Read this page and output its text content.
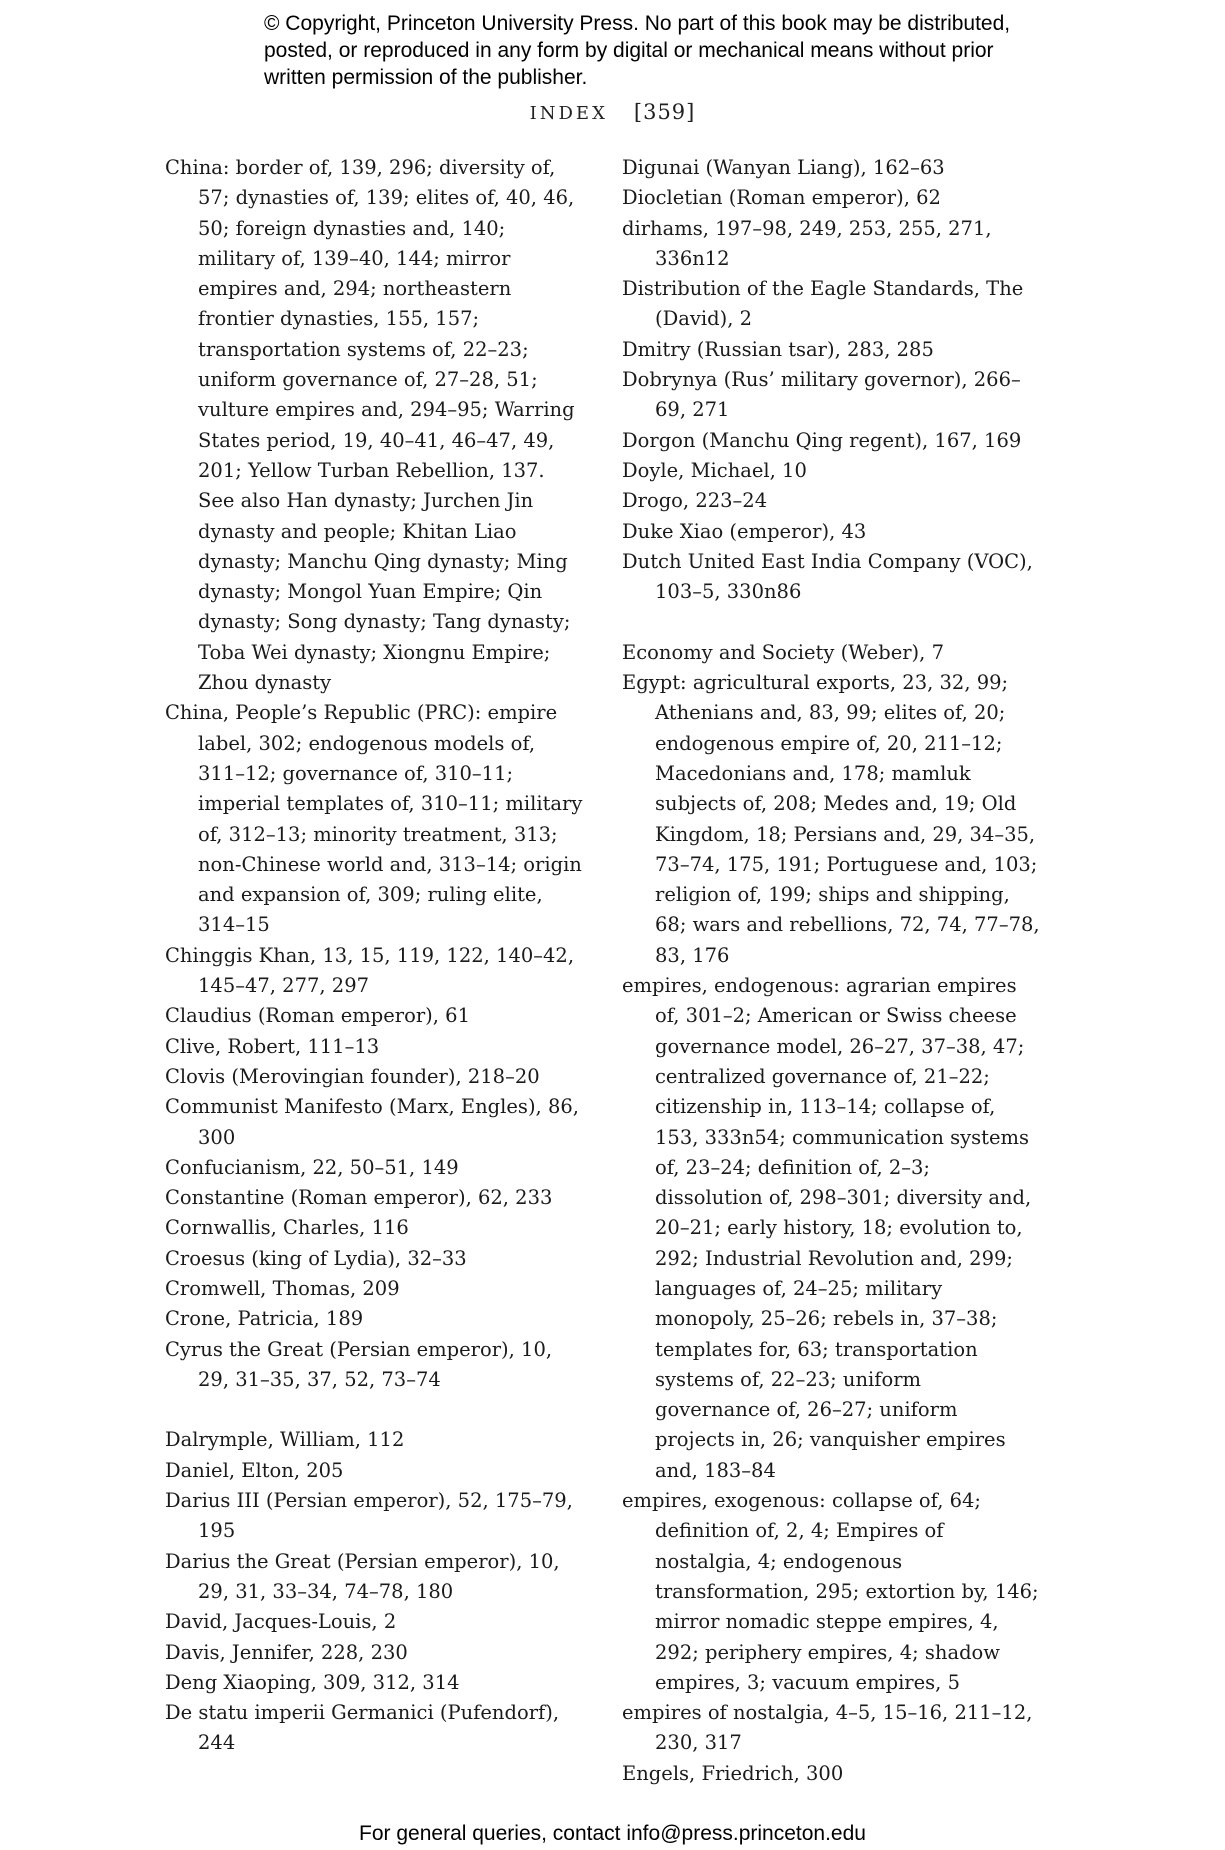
© Copyright, Princeton University Press. No part of this book may be distributed, posted, or reproduced in any form by digital or mechanical means without prior written permission of the publisher.
INDEX [359]
China: border of, 139, 296; diversity of, 57; dynasties of, 139; elites of, 40, 46, 50; foreign dynasties and, 140; military of, 139–40, 144; mirror empires and, 294; northeastern frontier dynasties, 155, 157; transportation systems of, 22–23; uniform governance of, 27–28, 51; vulture empires and, 294–95; Warring States period, 19, 40–41, 46–47, 49, 201; Yellow Turban Rebellion, 137. See also Han dynasty; Jurchen Jin dynasty and people; Khitan Liao dynasty; Manchu Qing dynasty; Ming dynasty; Mongol Yuan Empire; Qin dynasty; Song dynasty; Tang dynasty; Toba Wei dynasty; Xiongnu Empire; Zhou dynasty
China, People’s Republic (PRC): empire label, 302; endogenous models of, 311–12; governance of, 310–11; imperial templates of, 310–11; military of, 312–13; minority treatment, 313; non-Chinese world and, 313–14; origin and expansion of, 309; ruling elite, 314–15
Chinggis Khan, 13, 15, 119, 122, 140–42, 145–47, 277, 297
Claudius (Roman emperor), 61
Clive, Robert, 111–13
Clovis (Merovingian founder), 218–20
Communist Manifesto (Marx, Engles), 86, 300
Confucianism, 22, 50–51, 149
Constantine (Roman emperor), 62, 233
Cornwallis, Charles, 116
Croesus (king of Lydia), 32–33
Cromwell, Thomas, 209
Crone, Patricia, 189
Cyrus the Great (Persian emperor), 10, 29, 31–35, 37, 52, 73–74
Dalrymple, William, 112
Daniel, Elton, 205
Darius III (Persian emperor), 52, 175–79, 195
Darius the Great (Persian emperor), 10, 29, 31, 33–34, 74–78, 180
David, Jacques-Louis, 2
Davis, Jennifer, 228, 230
Deng Xiaoping, 309, 312, 314
De statu imperii Germanici (Pufendorf), 244
Digunai (Wanyan Liang), 162–63
Diocletian (Roman emperor), 62
dirhams, 197–98, 249, 253, 255, 271, 336n12
Distribution of the Eagle Standards, The (David), 2
Dmitry (Russian tsar), 283, 285
Dobrynya (Rus’ military governor), 266–69, 271
Dorgon (Manchu Qing regent), 167, 169
Doyle, Michael, 10
Drogo, 223–24
Duke Xiao (emperor), 43
Dutch United East India Company (VOC), 103–5, 330n86
Economy and Society (Weber), 7
Egypt: agricultural exports, 23, 32, 99; Athenians and, 83, 99; elites of, 20; endogenous empire of, 20, 211–12; Macedonians and, 178; mamluk subjects of, 208; Medes and, 19; Old Kingdom, 18; Persians and, 29, 34–35, 73–74, 175, 191; Portuguese and, 103; religion of, 199; ships and shipping, 68; wars and rebellions, 72, 74, 77–78, 83, 176
empires, endogenous: agrarian empires of, 301–2; American or Swiss cheese governance model, 26–27, 37–38, 47; centralized governance of, 21–22; citizenship in, 113–14; collapse of, 153, 333n54; communication systems of, 23–24; definition of, 2–3; dissolution of, 298–301; diversity and, 20–21; early history, 18; evolution to, 292; Industrial Revolution and, 299; languages of, 24–25; military monopoly, 25–26; rebels in, 37–38; templates for, 63; transportation systems of, 22–23; uniform governance of, 26–27; uniform projects in, 26; vanquisher empires and, 183–84
empires, exogenous: collapse of, 64; definition of, 2, 4; Empires of nostalgia, 4; endogenous transformation, 295; extortion by, 146; mirror nomadic steppe empires, 4, 292; periphery empires, 4; shadow empires, 3; vacuum empires, 5
empires of nostalgia, 4–5, 15–16, 211–12, 230, 317
Engels, Friedrich, 300
For general queries, contact info@press.princeton.edu
